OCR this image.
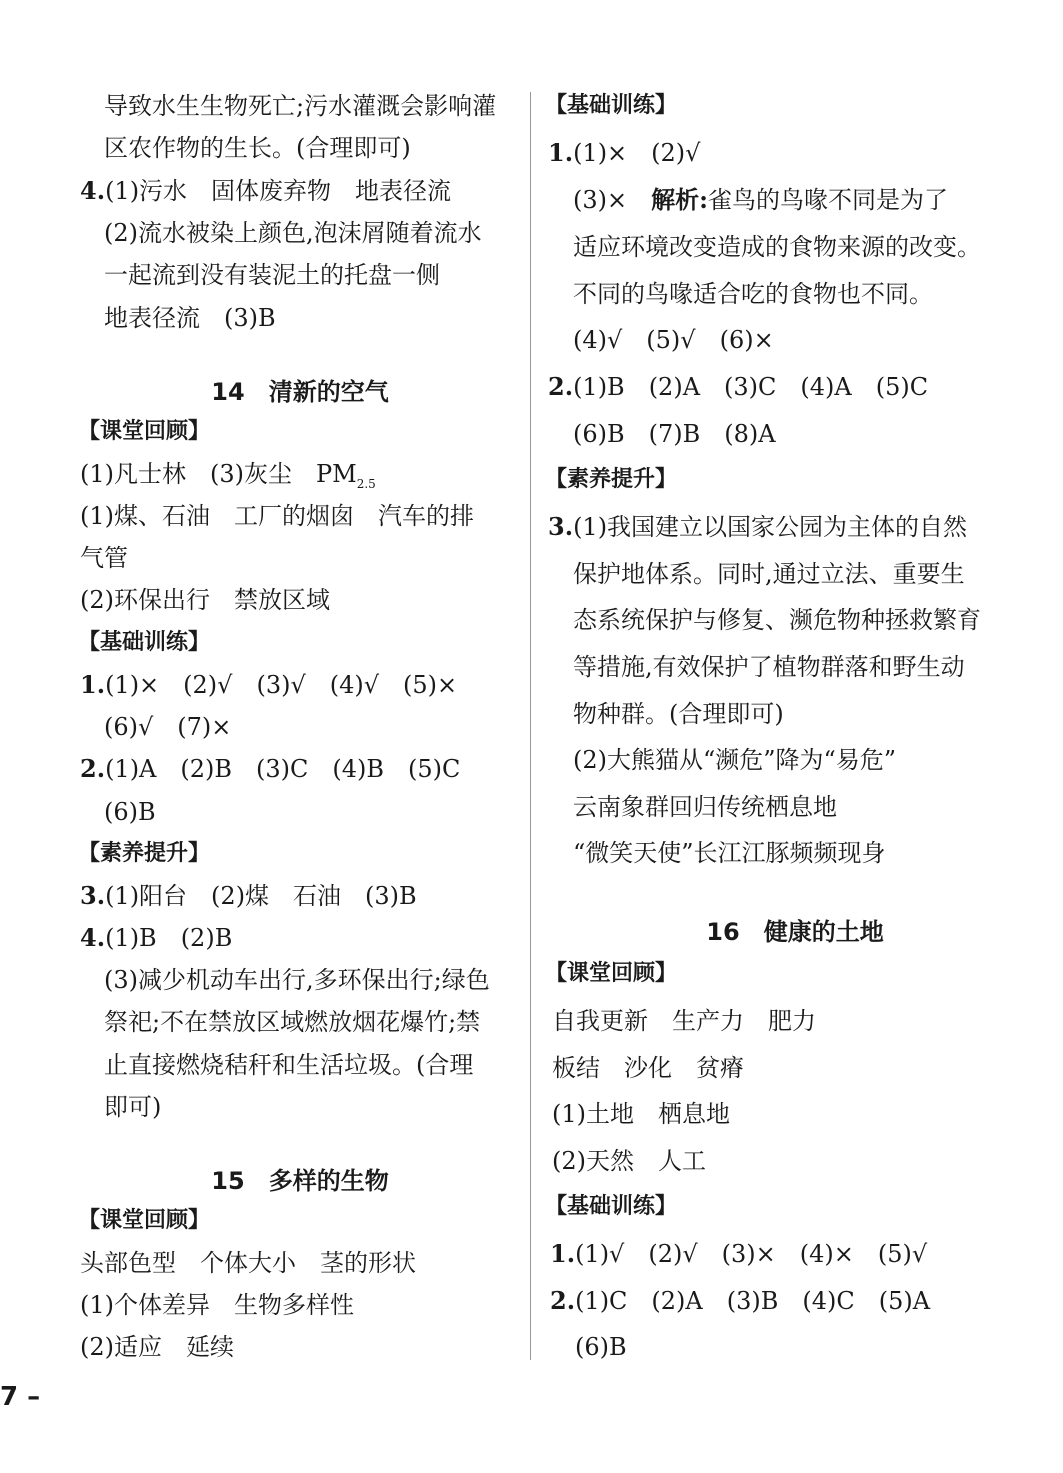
导致水生生物死亡;污水灌溉会影响灌
区农作物的生长。(合理即可)
4.(1)污水　固体废弃物　地表径流
(2)流水被染上颜色,泡沫屑随着流水
一起流到没有装泥土的托盘一侧
地表径流　(3)B
14　清新的空气
【课堂回顾】
(1)凡士林　(3)灰尘　$PM_{2.5}$
(1)煤、石油　工厂的烟囱　汽车的排
气管
(2)环保出行　禁放区域
【基础训练】
1.(1)×　(2)√　(3)√　(4)√　(5)×
(6)√　(7)×
2.(1)A　(2)B　(3)C　(4)B　(5)C
(6)B
【素养提升】
3.(1)阳台　(2)煤　石油　(3)B
4.(1)B　(2)B
(3)减少机动车出行,多环保出行;绿色
祭祀;不在禁放区域燃放烟花爆竹;禁
止直接燃烧秸秆和生活垃圾。(合理
即可)
15　多样的生物
【课堂回顾】
头部色型　个体大小　茎的形状
(1)个体差异　生物多样性
(2)适应　延续
【基础训练】
1.(1)×　(2)√
(3)×　解析:雀鸟的鸟喙不同是为了
适应环境改变造成的食物来源的改变。
不同的鸟喙适合吃的食物也不同。
(4)√　(5)√　(6)×
2.(1)B　(2)A　(3)C　(4)A　(5)C
(6)B　(7)B　(8)A
【素养提升】
3.(1)我国建立以国家公园为主体的自然
保护地体系。同时,通过立法、重要生
态系统保护与修复、濒危物种拯救繁育
等措施,有效保护了植物群落和野生动
物种群。(合理即可)
(2)大熊猫从“濒危”降为“易危”
云南象群回归传统栖息地
“微笑天使”长江江豚频频现身
16　健康的土地
【课堂回顾】
自我更新　生产力　肥力
板结　沙化　贫瘠
(1)土地　栖息地
(2)天然　人工
【基础训练】
1.(1)√　(2)√　(3)×　(4)×　(5)√
2.(1)C　(2)A　(3)B　(4)C　(5)A
(6)B
7 –
